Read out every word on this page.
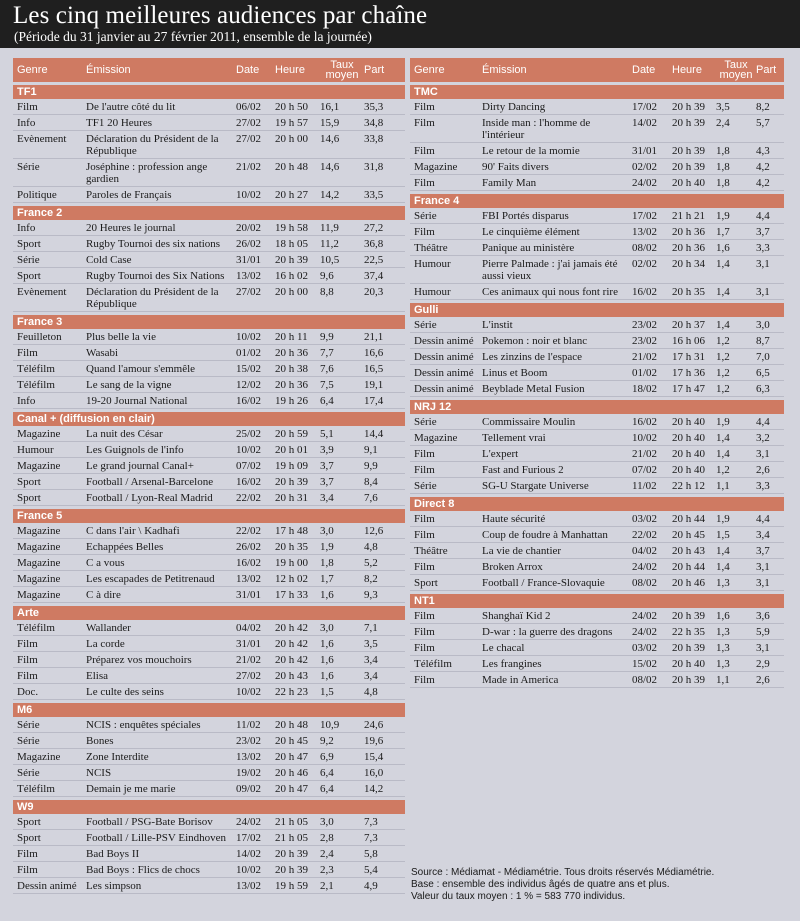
Les cinq meilleures audiences par chaîne
(Période du 31 janvier au 27 février 2011, ensemble de la journée)
Genre	Émission	Date	Heure	Taux
moyen Part
TF1
Film	De l'autre côté du lit	06/02	20 h 50	16,1	35,3
Info	TF1 20 Heures	27/02	19 h 57	15,9	34,8
Evènement	Déclaration du Président de la République
27/02	20 h 00	14,6	33,8
Série	Joséphine : profession ange gardien
21/02	20 h 48	14,6	31,8
Politique	Paroles de Français	10/02	20 h 27	14,2	33,5
France 2
Info	20 Heures le journal	20/02	19 h 58	11,9	27,2
Sport	Rugby Tournoi des six nations	26/02	18 h 05	11,2	36,8
Série	Cold Case	31/01	20 h 39	10,5	22,5
Sport	Rugby Tournoi des Six Nations	13/02	16 h 02	9,6	37,4
Evènement	Déclaration du Président de la République
27/02	20 h 00	8,8	20,3
France 3
Feuilleton	Plus belle la vie	10/02	20 h 11	9,9	21,1
Film	Wasabi	01/02	20 h 36	7,7	16,6
Téléfilm	Quand l'amour s'emmêle	15/02	20 h 38	7,6	16,5
Téléfilm	Le sang de la vigne	12/02	20 h 36	7,5	19,1
Info	19-20 Journal National	16/02	19 h 26	6,4	17,4
Canal + (diffusion en clair)
Magazine	La nuit des César	25/02	20 h 59	5,1	14,4
Humour	Les Guignols de l'info	10/02	20 h 01	3,9	9,1
Magazine	Le grand journal Canal+	07/02	19 h 09	3,7	9,9
Sport	Football / Arsenal-Barcelone	16/02	20 h 39	3,7	8,4
Sport	Football / Lyon-Real Madrid	22/02	20 h 31	3,4	7,6
France 5
Magazine	C dans l'air \ Kadhafi	22/02	17 h 48	3,0	12,6
Magazine	Echappées Belles	26/02	20 h 35	1,9	4,8
Magazine	C a vous	16/02	19 h 00	1,8	5,2
Magazine	Les escapades de Petitrenaud	13/02	12 h 02	1,7	8,2
Magazine	C à dire	31/01	17 h 33	1,6	9,3
Arte
Téléfilm	Wallander	04/02	20 h 42	3,0	7,1
Film	La corde	31/01	20 h 42	1,6	3,5
Film	Préparez vos mouchoirs	21/02	20 h 42	1,6	3,4
Film	Elisa	27/02	20 h 43	1,6	3,4
Doc.	Le culte des seins	10/02	22 h 23	1,5	4,8
M6
Série	NCIS : enquêtes spéciales	11/02	20 h 48	10,9	24,6
Série	Bones	23/02	20 h 45	9,2	19,6
Magazine	Zone Interdite	13/02	20 h 47	6,9	15,4
Série	NCIS	19/02	20 h 46	6,4	16,0
Téléfilm	Demain je me marie	09/02	20 h 47	6,4	14,2
W9
Sport	Football / PSG-Bate Borisov	24/02	21 h 05	3,0	7,3
Sport	Football / Lille-PSV Eindhoven 17/02	21 h 05	2,8	7,3
Film	Bad Boys II	14/02	20 h 39	2,4	5,8
Film	Bad Boys : Flics de chocs	10/02	20 h 39	2,3	5,4
Dessin animé Les simpson	13/02	19 h 59	2,1	4,9
Genre	Émission	Date	Heure	Taux
moyen Part
TMC
Film	Dirty Dancing	17/02	20 h 39	3,5	8,2
Film	Inside man : l'homme de l'intérieur
14/02	20 h 39	2,4	5,7
Film	Le retour de la momie	31/01	20 h 39	1,8	4,3
Magazine	90' Faits divers	02/02	20 h 39	1,8	4,2
Film	Family Man	24/02	20 h 40	1,8	4,2
France 4
Série	FBI Portés disparus	17/02	21 h 21	1,9	4,4
Film	Le cinquième élément	13/02	20 h 36	1,7	3,7
Théâtre	Panique au ministère	08/02	20 h 36	1,6	3,3
Humour	Pierre Palmade : j'ai jamais été aussi vieux
02/02	20 h 34	1,4	3,1
Humour	Ces animaux qui nous font rire	16/02	20 h 35	1,4	3,1
Gulli
Série	L'instit	23/02	20 h 37	1,4	3,0
Dessin animé Pokemon : noir et blanc	23/02	16 h 06	1,2	8,7
Dessin animé Les zinzins de l'espace	21/02	17 h 31	1,2	7,0
Dessin animé Linus et Boom	01/02	17 h 36	1,2	6,5
Dessin animé Beyblade Metal Fusion	18/02	17 h 47	1,2	6,3
NRJ 12
Série	Commissaire Moulin	16/02	20 h 40	1,9	4,4
Magazine	Tellement vrai	10/02	20 h 40	1,4	3,2
Film	L'expert	21/02	20 h 40	1,4	3,1
Film	Fast and Furious 2	07/02	20 h 40	1,2	2,6
Série	SG-U Stargate Universe	11/02	22 h 12	1,1	3,3
Direct 8
Film	Haute sécurité	03/02	20 h 44	1,9	4,4
Film	Coup de foudre à Manhattan	22/02	20 h 45	1,5	3,4
Théâtre	La vie de chantier	04/02	20 h 43	1,4	3,7
Film	Broken Arrox	24/02	20 h 44	1,4	3,1
Sport	Football / France-Slovaquie	08/02	20 h 46	1,3	3,1
NT1
Film	Shanghaï Kid 2	24/02	20 h 39	1,6	3,6
Film	D-war : la guerre des dragons	24/02	22 h 35	1,3	5,9
Film	Le chacal	03/02	20 h 39	1,3	3,1
Téléfilm	Les frangines	15/02	20 h 40	1,3	2,9
Film	Made in America	08/02	20 h 39	1,1	2,6
Source : Médiamat - Médiamétrie. Tous droits réservés Médiamétrie.
Base : ensemble des individus âgés de quatre ans et plus.
Valeur du taux moyen : 1 % = 583 770 individus.
